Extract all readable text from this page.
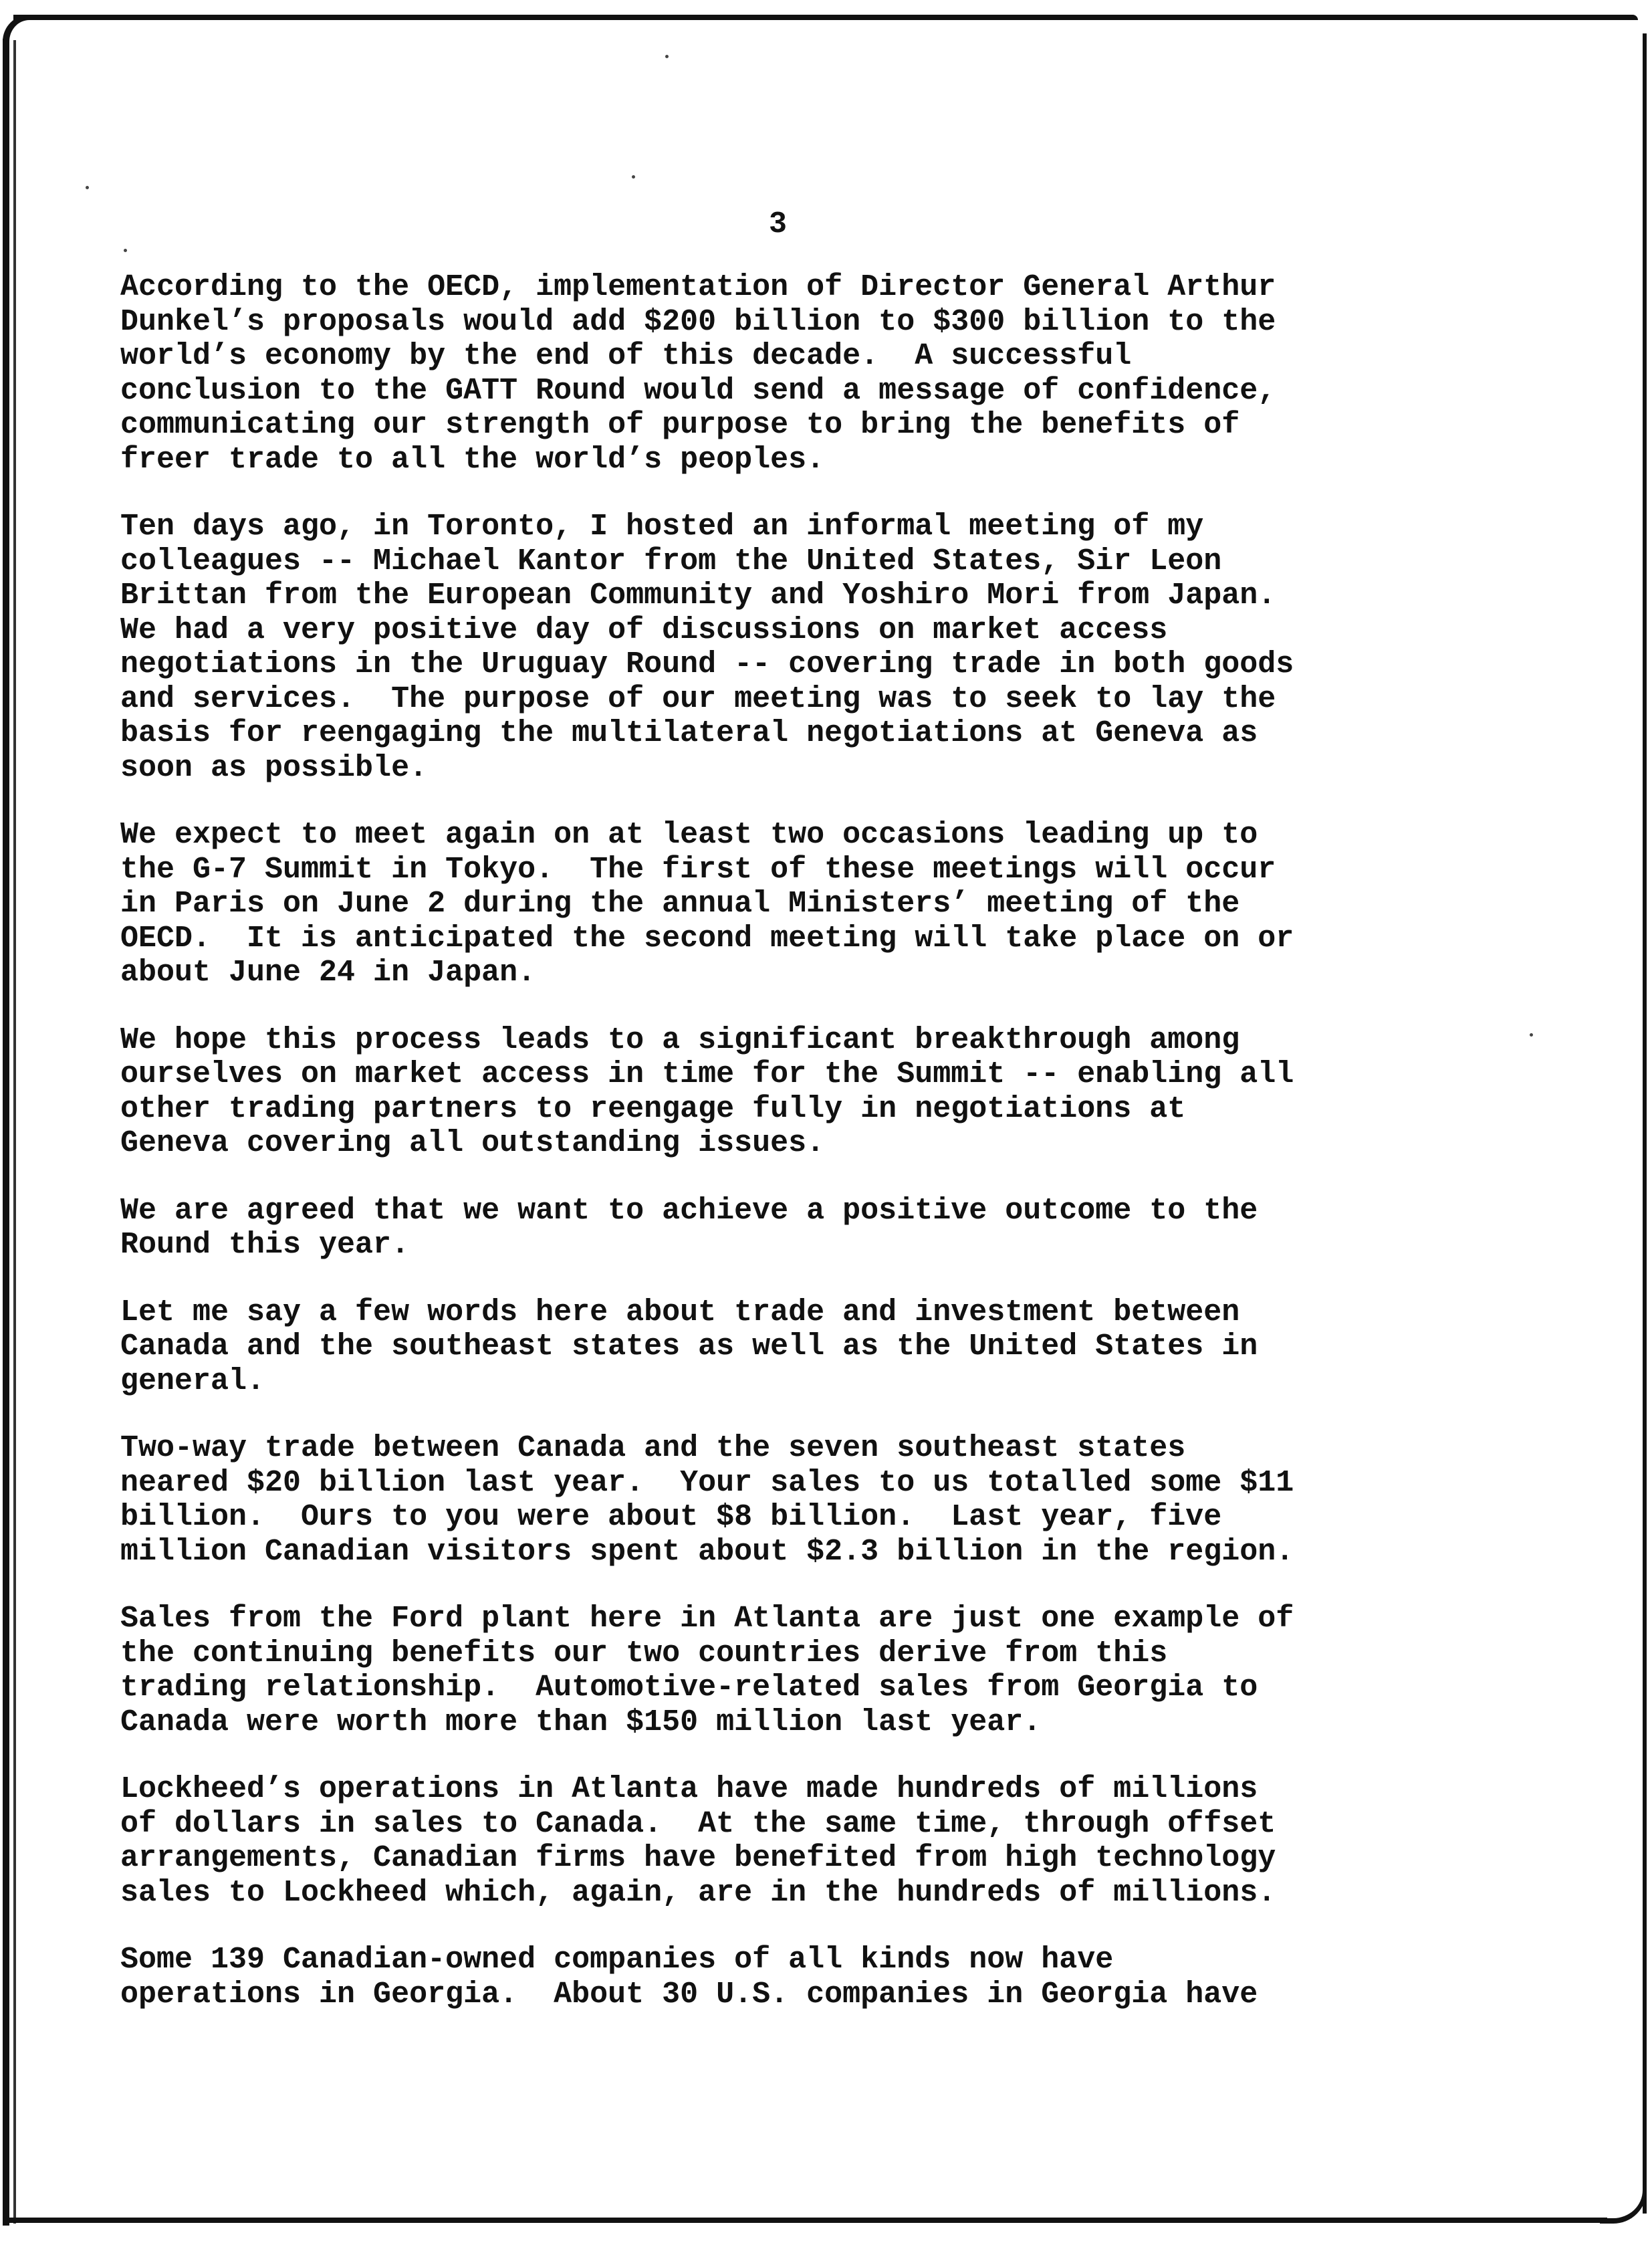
3
According to the OECD, implementation of Director General Arthur
Dunkel’s proposals would add $200 billion to $300 billion to the
world’s economy by the end of this decade.  A successful
conclusion to the GATT Round would send a message of confidence,
communicating our strength of purpose to bring the benefits of
freer trade to all the world’s peoples.
Ten days ago, in Toronto, I hosted an informal meeting of my
colleagues -- Michael Kantor from the United States, Sir Leon
Brittan from the European Community and Yoshiro Mori from Japan.
We had a very positive day of discussions on market access
negotiations in the Uruguay Round -- covering trade in both goods
and services.  The purpose of our meeting was to seek to lay the
basis for reengaging the multilateral negotiations at Geneva as
soon as possible.
We expect to meet again on at least two occasions leading up to
the G-7 Summit in Tokyo.  The first of these meetings will occur
in Paris on June 2 during the annual Ministers’ meeting of the
OECD.  It is anticipated the second meeting will take place on or
about June 24 in Japan.
We hope this process leads to a significant breakthrough among
ourselves on market access in time for the Summit -- enabling all
other trading partners to reengage fully in negotiations at
Geneva covering all outstanding issues.
We are agreed that we want to achieve a positive outcome to the
Round this year.
Let me say a few words here about trade and investment between
Canada and the southeast states as well as the United States in
general.
Two-way trade between Canada and the seven southeast states
neared $20 billion last year.  Your sales to us totalled some $11
billion.  Ours to you were about $8 billion.  Last year, five
million Canadian visitors spent about $2.3 billion in the region.
Sales from the Ford plant here in Atlanta are just one example of
the continuing benefits our two countries derive from this
trading relationship.  Automotive-related sales from Georgia to
Canada were worth more than $150 million last year.
Lockheed’s operations in Atlanta have made hundreds of millions
of dollars in sales to Canada.  At the same time, through offset
arrangements, Canadian firms have benefited from high technology
sales to Lockheed which, again, are in the hundreds of millions.
Some 139 Canadian-owned companies of all kinds now have
operations in Georgia.  About 30 U.S. companies in Georgia have
